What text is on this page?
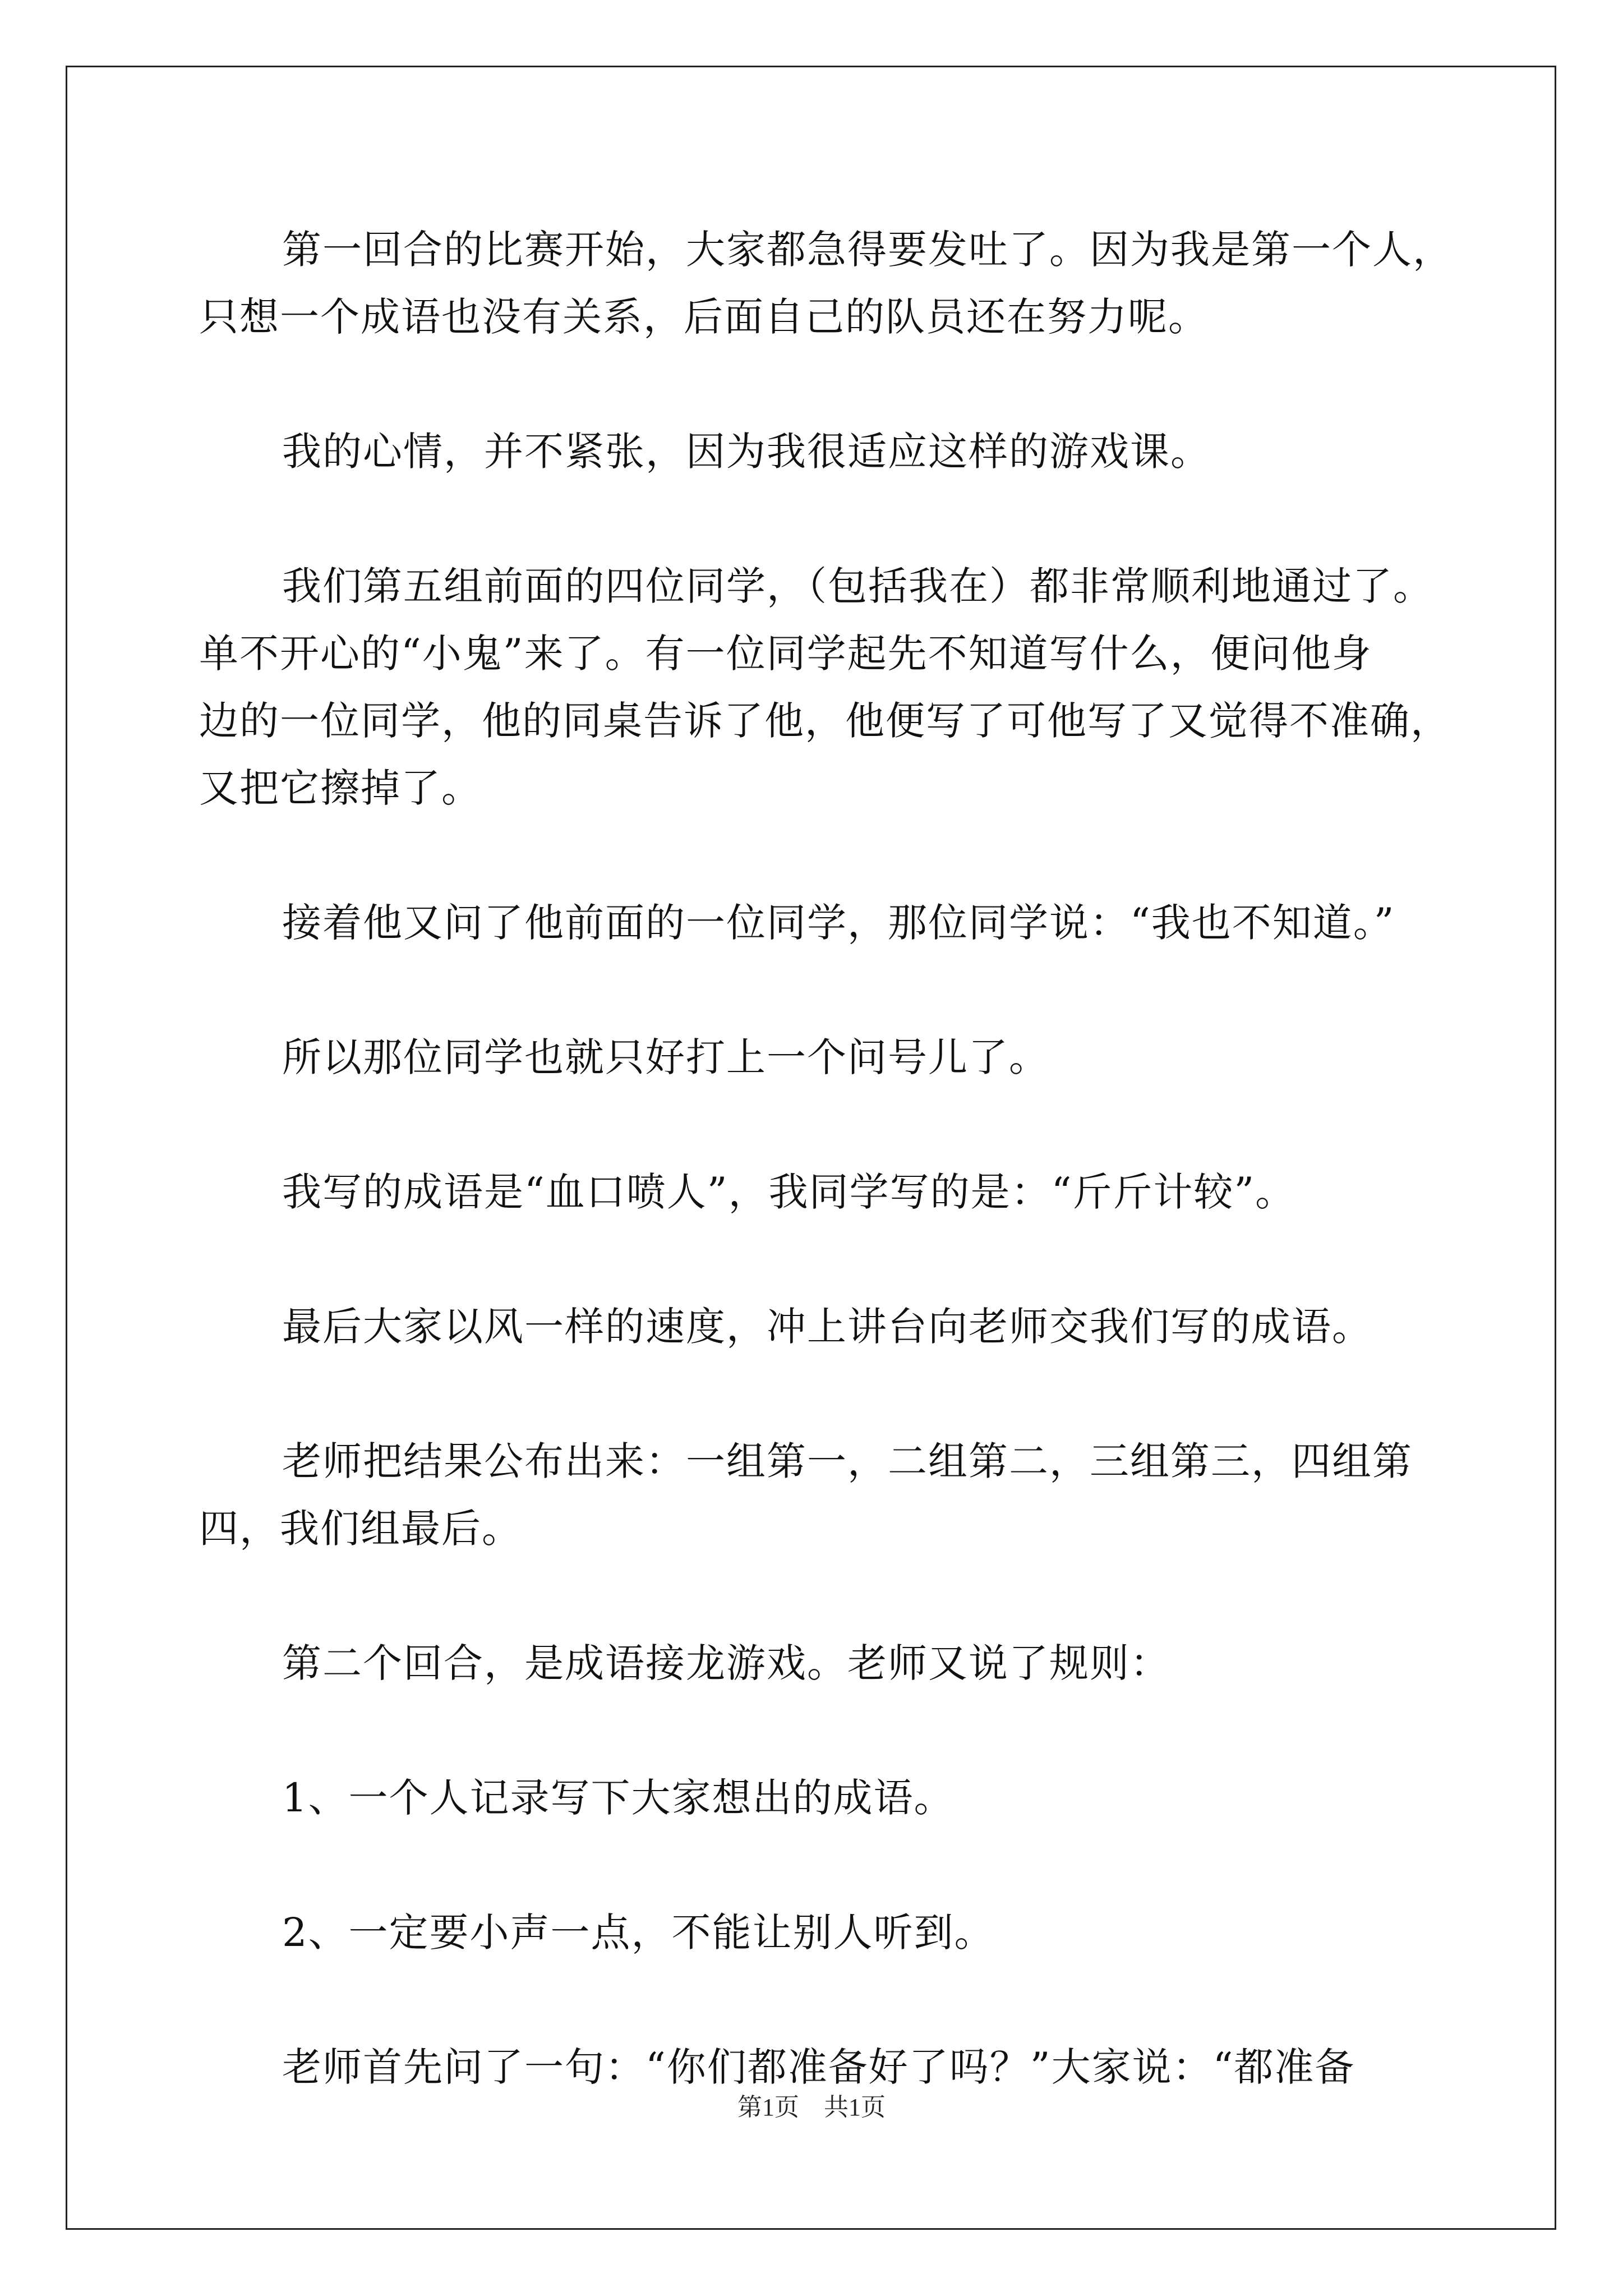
第一回合的比赛开始，大家都急得要发吐了。因为我是第一个人，
只想一个成语也没有关系，后面自己的队员还在努力呢。
我的心情，并不紧张，因为我很适应这样的游戏课。
我们第五组前面的四位同学，（包括我在）都非常顺利地通过了。
单不开心的“小鬼”来了。有一位同学起先不知道写什么，便问他身
边的一位同学，他的同桌告诉了他，他便写了可他写了又觉得不准确，
又把它擦掉了。
接着他又问了他前面的一位同学，那位同学说：“我也不知道。”
所以那位同学也就只好打上一个问号儿了。
我写的成语是“血口喷人”，我同学写的是：“斤斤计较”。
最后大家以风一样的速度，冲上讲台向老师交我们写的成语。
老师把结果公布出来：一组第一，二组第二，三组第三，四组第
四，我们组最后。
第二个回合，是成语接龙游戏。老师又说了规则：
1、一个人记录写下大家想出的成语。
2、一定要小声一点，不能让别人听到。
老师首先问了一句：“你们都准备好了吗？”大家说：“都准备
第1页　共1页
